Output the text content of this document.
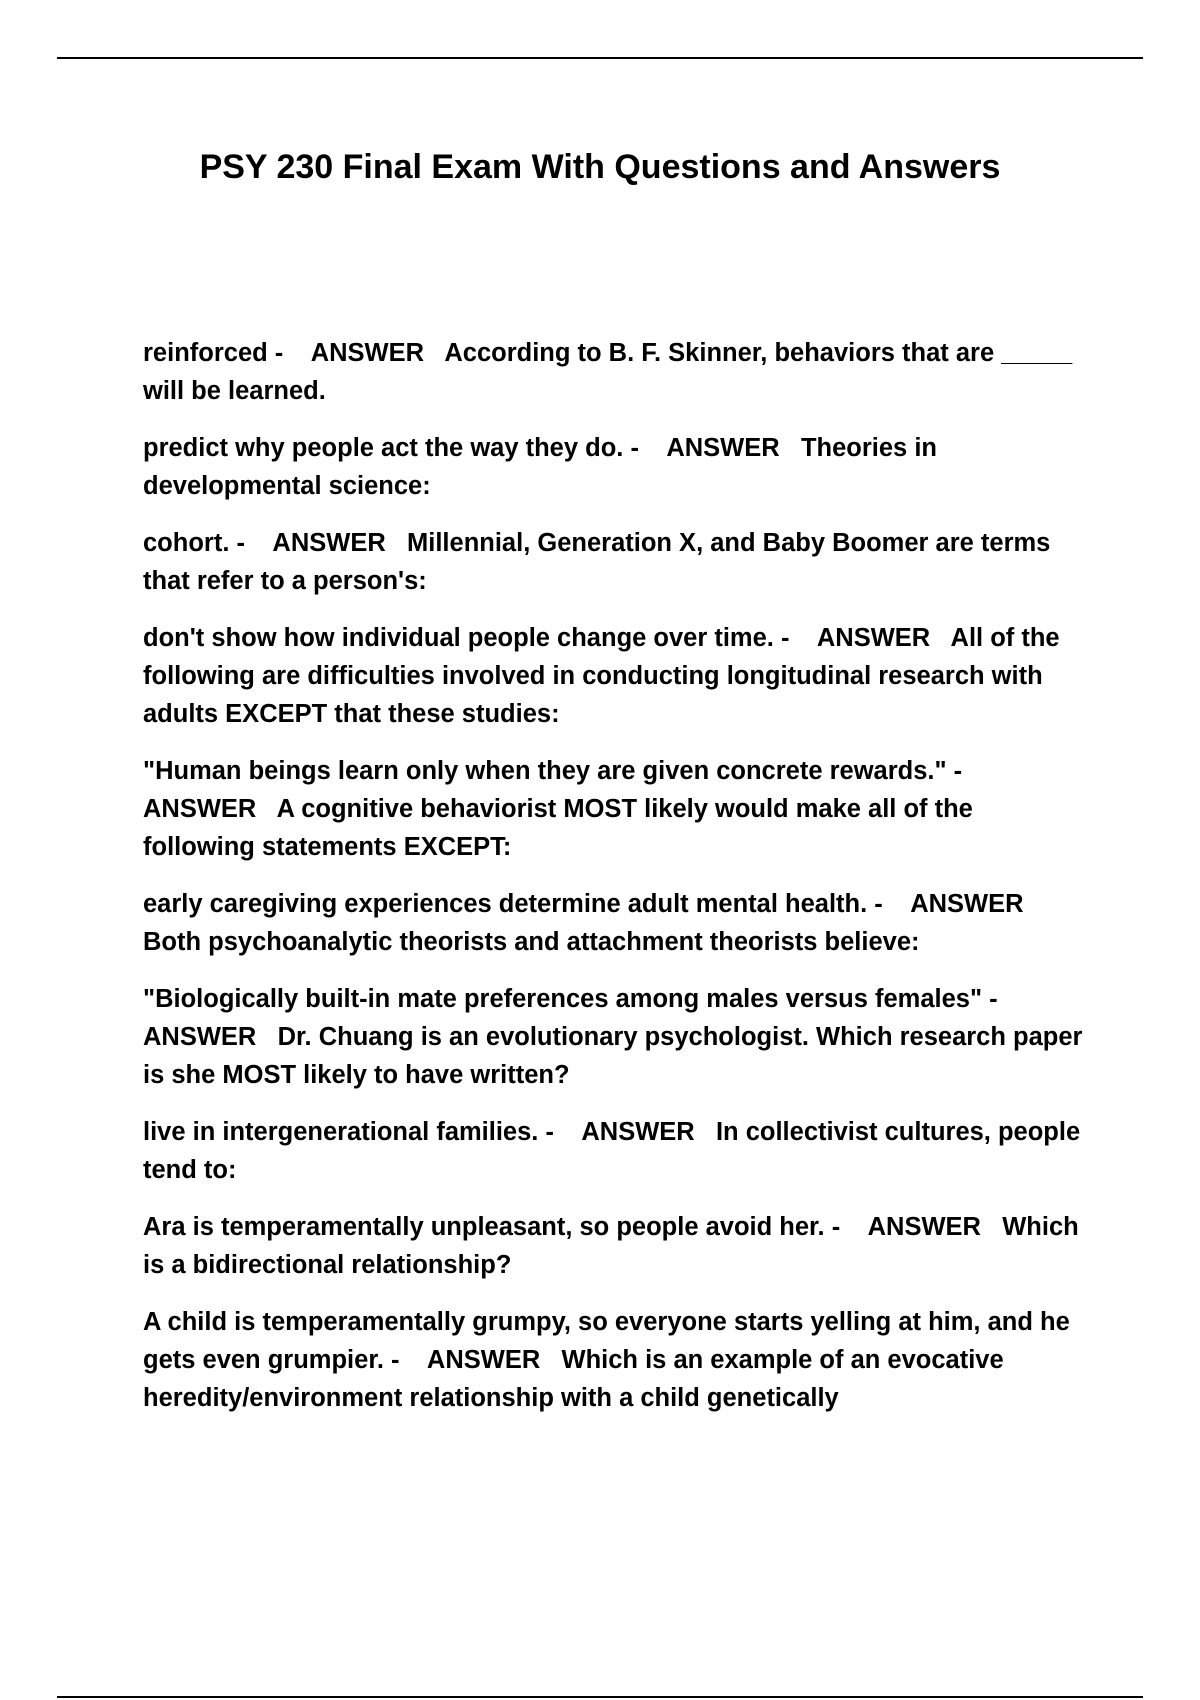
PSY 230 Final Exam With Questions and Answers
reinforced -    ANSWER According to B. F. Skinner, behaviors that are _____ will be learned.
predict why people act the way they do. -    ANSWER Theories in developmental science:
cohort. -    ANSWER Millennial, Generation X, and Baby Boomer are terms that refer to a person's:
don't show how individual people change over time. -    ANSWER All of the following are difficulties involved in conducting longitudinal research with adults EXCEPT that these studies:
"Human beings learn only when they are given concrete rewards." -    ANSWER A cognitive behaviorist MOST likely would make all of the following statements EXCEPT:
early caregiving experiences determine adult mental health. -    ANSWER   Both psychoanalytic theorists and attachment theorists believe:
"Biologically built-in mate preferences among males versus females" -    ANSWER Dr. Chuang is an evolutionary psychologist. Which research paper is she MOST likely to have written?
live in intergenerational families. -    ANSWER In collectivist cultures, people tend to:
Ara is temperamentally unpleasant, so people avoid her. -    ANSWER Which is a bidirectional relationship?
A child is temperamentally grumpy, so everyone starts yelling at him, and he gets even grumpier. -    ANSWER Which is an example of an evocative heredity/environment relationship with a child genetically
